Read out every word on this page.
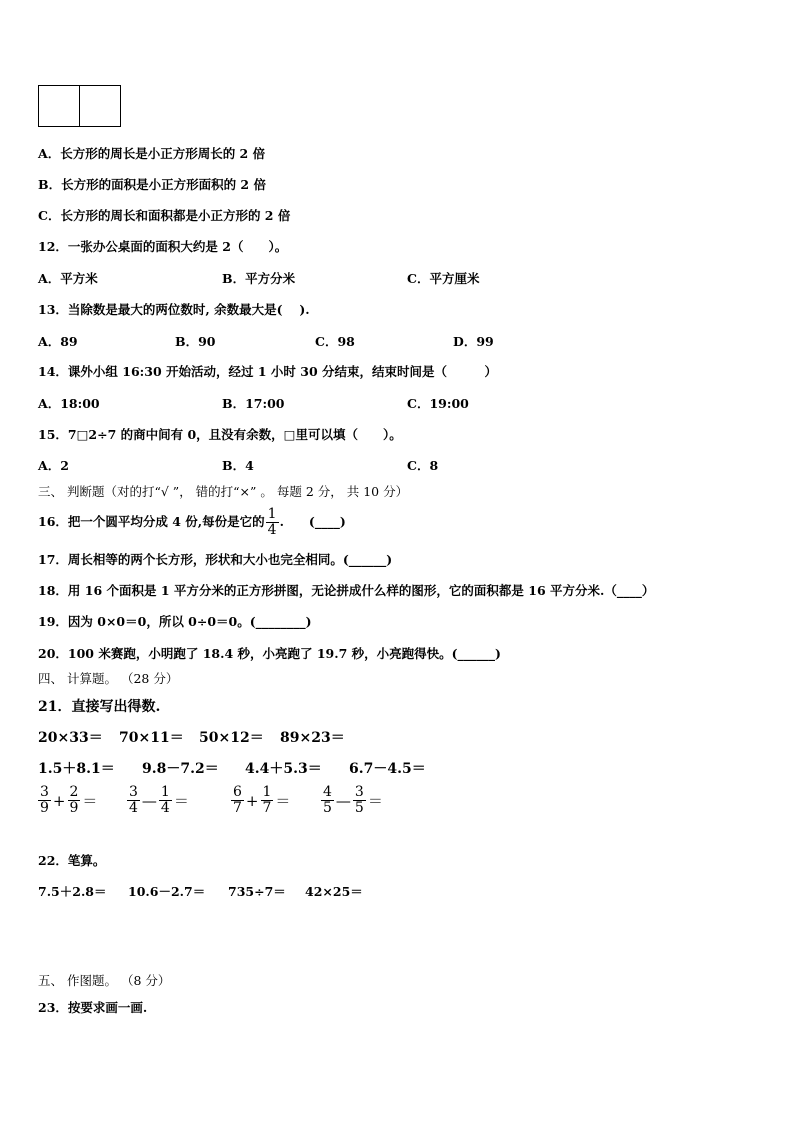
A．长方形的周长是小正方形周长的 2 倍
B．长方形的面积是小正方形面积的 2 倍
C．长方形的周长和面积都是小正方形的 2 倍
12．一张办公桌面的面积大约是 2（　　）。
A．平方米	B．平方分米	C．平方厘米
13．当除数是最大的两位数时, 余数最大是(　 ).
A．89	B．90	C．98	D．99
14．课外小组 16:30 开始活动，经过 1 小时 30 分结束，结束时间是（　　　）
A．18:00	B．17:00	C．19:00
15．7□2÷7 的商中间有 0，且没有余数，□里可以填（　　）。
A．2	B．4	C．8
三、 判断题（对的打“√ ”， 错的打“×” 。 每题 2 分， 共 10 分）
16．把一个圆平均分成 4 份,每份是它的 $\frac{1}{4}$ .　　(____)
17．周长相等的两个长方形，形状和大小也完全相同。(______)
18．用 16 个面积是 1 平方分米的正方形拼图，无论拼成什么样的图形，它的面积都是 16 平方分米.（____）
19．因为 0×0＝0，所以 0÷0＝0。(________)
20．100 米赛跑，小明跑了 18.4 秒，小亮跑了 19.7 秒，小亮跑得快。(______)
四、 计算题。 （28 分）
21．直接写出得数.
20×33＝ 70×11＝ 50×12＝ 89×23＝
1.5＋8.1＝ 9.8－7.2＝ 4.4＋5.3＝ 6.7－4.5＝
$\frac{3}{9} + \frac{2}{9} = \frac{3}{4}$ — $\frac{1}{4}$ ＝	$\frac{6}{7} + \frac{1}{7} = \frac{4}{5}$ — $\frac{3}{5}$ ＝
22．笔算。
7.5＋2.8＝ 10.6－2.7＝ 735÷7＝ 42×25＝
五、 作图题。 （8 分）
23．按要求画一画.
